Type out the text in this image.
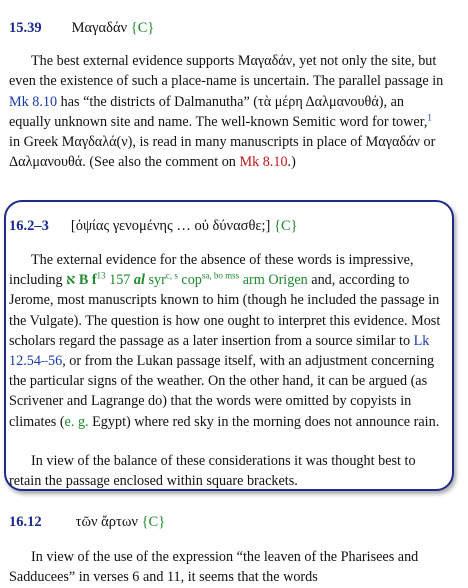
15.39 Μαγαδάν {C}

The best external evidence supports Μαγαδάν, yet not only the site, but even the existence of such a place-name is uncertain. The parallel passage in Mk 8.10 has “the districts of Dalmanutha” (τὰ μέρη Δαλμανουθά), an equally unknown site and name. The well-known Semitic word for tower,$^1$ in Greek Μαγδαλά(ν), is read in many manuscripts in place of Μαγαδάν or Δαλμανουθά. (See also the comment on Mk 8.10.)

16.2–3 [ὀψίας γενομένης … οὐ δύνασθε;] {C}

The external evidence for the absence of these words is impressive, including א B $f^{13}$ 157 al syr$^{c, s}$ cop$^{sa, bo mss}$ arm Origen and, according to Jerome, most manuscripts known to him (though he included the passage in the Vulgate). The question is how one ought to interpret this evidence. Most scholars regard the passage as a later insertion from a source similar to Lk 12.54–56, or from the Lukan passage itself, with an adjustment concerning the particular signs of the weather. On the other hand, it can be argued (as Scrivener and Lagrange do) that the words were omitted by copyists in climates (e. g. Egypt) where red sky in the morning does not announce rain.

In view of the balance of these considerations it was thought best to retain the passage enclosed within square brackets.

16.12 τῶν ἄρτων {C}

In view of the use of the expression “the leaven of the Pharisees and Sadducees” in verses 6 and 11, it seems that the words
